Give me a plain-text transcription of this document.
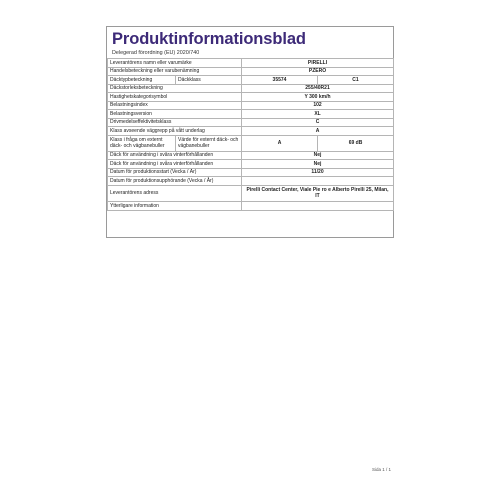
Produktinformationsblad
Delegerad förordning (EU) 2020/740
Leverantörens namn eller varumärke		PIRELLI	
Handelsbeteckning eller varubenämning		PZERO	
Däcktypbeteckning	Däckklass	35574	C1
Däckstorleksbeteckning		255/40R21	
Hastighetskategorisymbol		Y 300 km/h	
Belastningsindex		102	
Belastningsversion		XL	
Drivmedelseffektivitetsklass		C	
Klass avseende väggrepp på vått underlag		A	
Klass i fråga om externt däck- och vägbanebuller	Värde för externt däck- och vägbanebuller	A	69 dB
Däck för användning i svåra vinterförhållanden		Nej	
Däck för användning i svåra vinterförhållanden		Nej	
Datum för produktionsstart (Vecka / År)		11/20	
Datum för produktionsupphörande (Vecka / År)			
Leverantörens adress		Pirelli Contact Center, Viale Pie ro e Alberto Pirelli 25, Milan, IT	
Ytterligare information			
Sida 1 / 1
